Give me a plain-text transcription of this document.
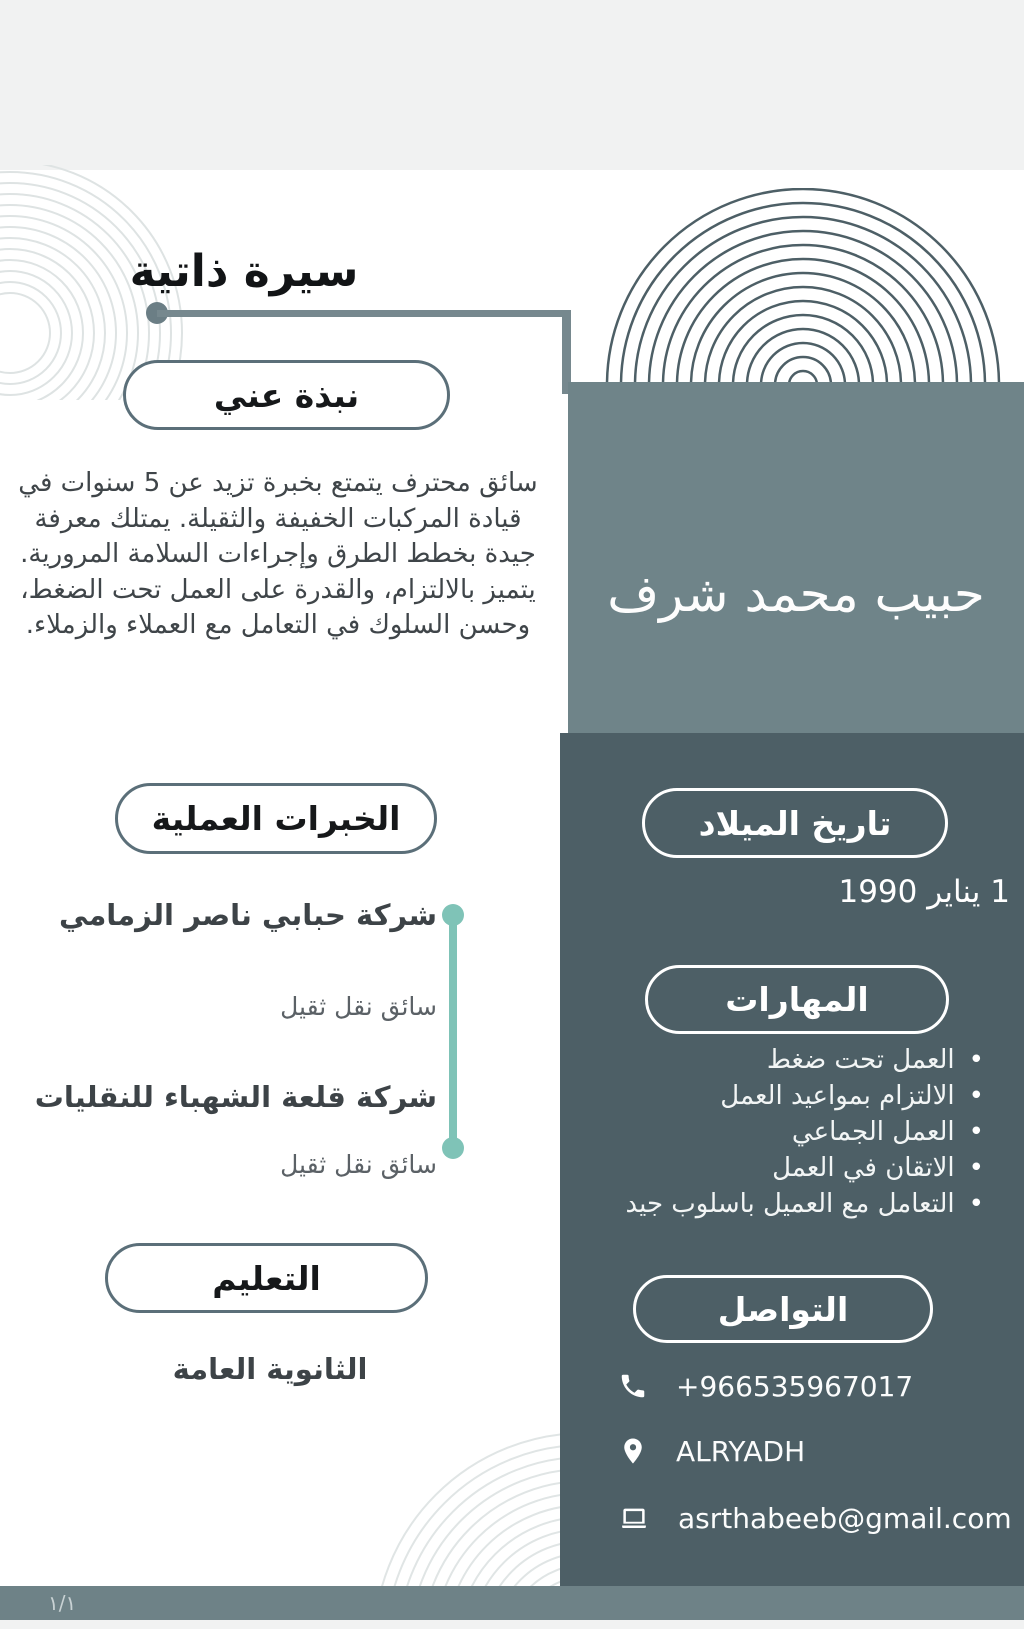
سيرة ذاتية
نبذة عني
سائق محترف يتمتع بخبرة تزيد عن 5 سنوات في قيادة المركبات الخفيفة والثقيلة. يمتلك معرفة جيدة بخطط الطرق وإجراءات السلامة المرورية. يتميز بالالتزام، والقدرة على العمل تحت الضغط، وحسن السلوك في التعامل مع العملاء والزملاء.
حبيب محمد شرف
تاريخ الميلاد
1 يناير 1990
المهارات
•
العمل تحت ضغط
•
الالتزام بمواعيد العمل
•
العمل الجماعي
•
الاتقان في العمل
•
التعامل مع العميل باسلوب جيد
التواصل
+966535967017
ALRYADH
asrthabeeb@gmail.com
الخبرات العملية
شركة حبابي ناصر الزمامي
سائق نقل ثقيل
شركة قلعة الشهباء للنقليات
سائق نقل ثقيل
التعليم
الثانوية العامة
١/١
